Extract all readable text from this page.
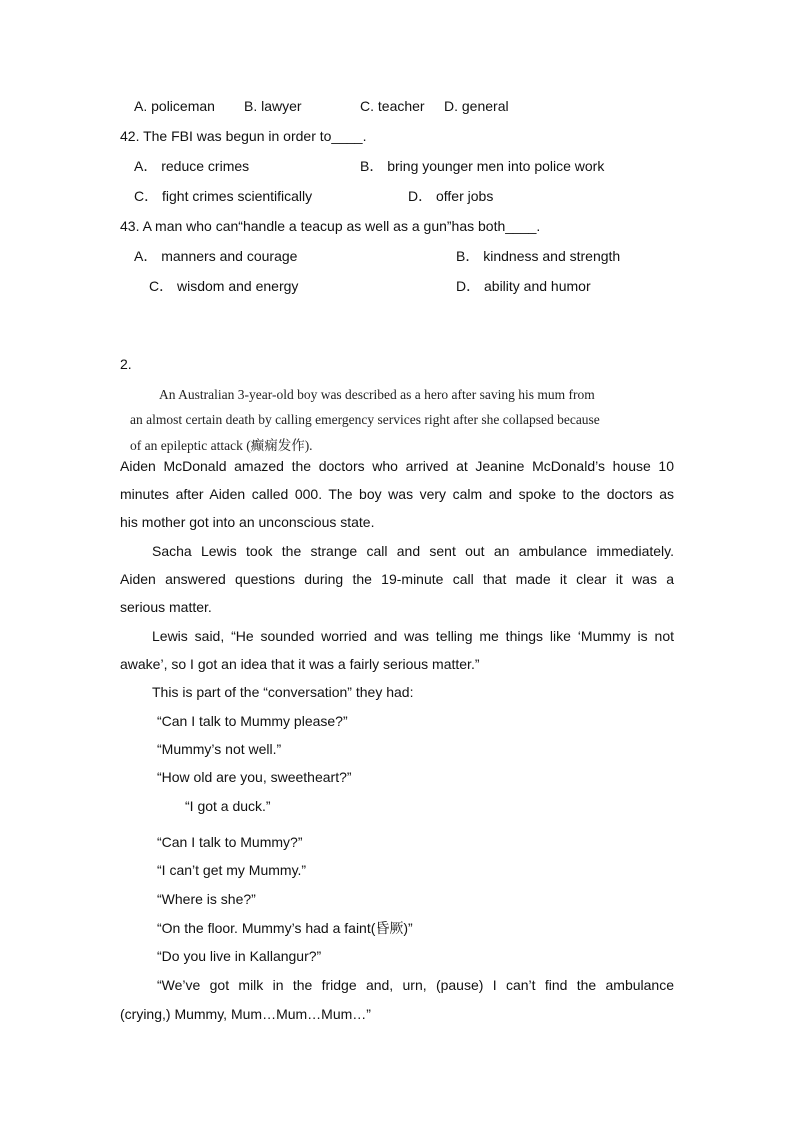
A. policeman B. lawyer	C. teacher D. general
42. The FBI was begun in order to____.
A． reduce crimes	B． bring younger men into police work
C． fight crimes scientifically	D． offer jobs
43. A man who can“handle a teacup as well as a gun”has both____.
A． manners and courage	B． kindness and strength
C． wisdom and energy	D． ability and humor
2.
An Australian 3-year-old boy was described as a hero after saving his mum from
an almost certain death by calling emergency services right after she collapsed because
of an epileptic attack (癫痫发作).
Aiden McDonald amazed the doctors who arrived at Jeanine McDonald’s house 10
minutes after Aiden called 000. The boy was very calm and spoke to the doctors as
his mother got into an unconscious state.
Sacha Lewis took the strange call and sent out an ambulance immediately.
Aiden answered questions during the 19-minute call that made it clear it was a
serious matter.
Lewis said, “He sounded worried and was telling me things like ‘Mummy is not
awake’, so I got an idea that it was a fairly serious matter.”
This is part of the “conversation” they had:
“Can I talk to Mummy please?”
“Mummy’s not well.”
“How old are you, sweetheart?”
“I got a duck.”
“Can I talk to Mummy?”
“I can’t get my Mummy.”
“Where is she?”
“On the floor. Mummy’s had a faint(昏厥)”
“Do you live in Kallangur?”
“We’ve got milk in the fridge and, urn, (pause) I can’t find the ambulance
(crying,) Mummy, Mum…Mum…Mum…”
